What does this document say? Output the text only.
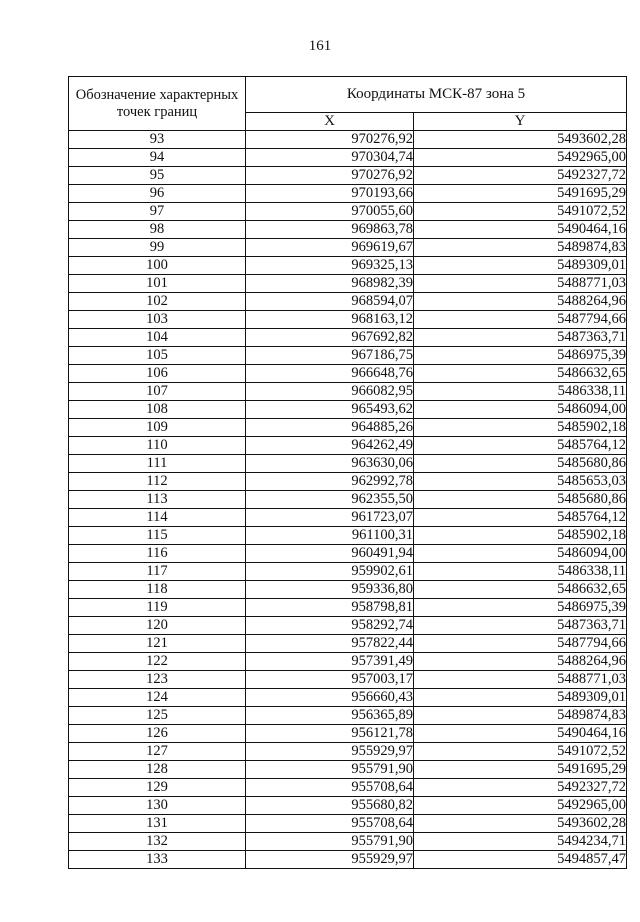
161
Обозначение характерных точек границ	Координаты МСК-87 зона 5	
	X	Y
93	970276,92	5493602,28
94	970304,74	5492965,00
95	970276,92	5492327,72
96	970193,66	5491695,29
97	970055,60	5491072,52
98	969863,78	5490464,16
99	969619,67	5489874,83
100	969325,13	5489309,01
101	968982,39	5488771,03
102	968594,07	5488264,96
103	968163,12	5487794,66
104	967692,82	5487363,71
105	967186,75	5486975,39
106	966648,76	5486632,65
107	966082,95	5486338,11
108	965493,62	5486094,00
109	964885,26	5485902,18
110	964262,49	5485764,12
111	963630,06	5485680,86
112	962992,78	5485653,03
113	962355,50	5485680,86
114	961723,07	5485764,12
115	961100,31	5485902,18
116	960491,94	5486094,00
117	959902,61	5486338,11
118	959336,80	5486632,65
119	958798,81	5486975,39
120	958292,74	5487363,71
121	957822,44	5487794,66
122	957391,49	5488264,96
123	957003,17	5488771,03
124	956660,43	5489309,01
125	956365,89	5489874,83
126	956121,78	5490464,16
127	955929,97	5491072,52
128	955791,90	5491695,29
129	955708,64	5492327,72
130	955680,82	5492965,00
131	955708,64	5493602,28
132	955791,90	5494234,71
133	955929,97	5494857,47
